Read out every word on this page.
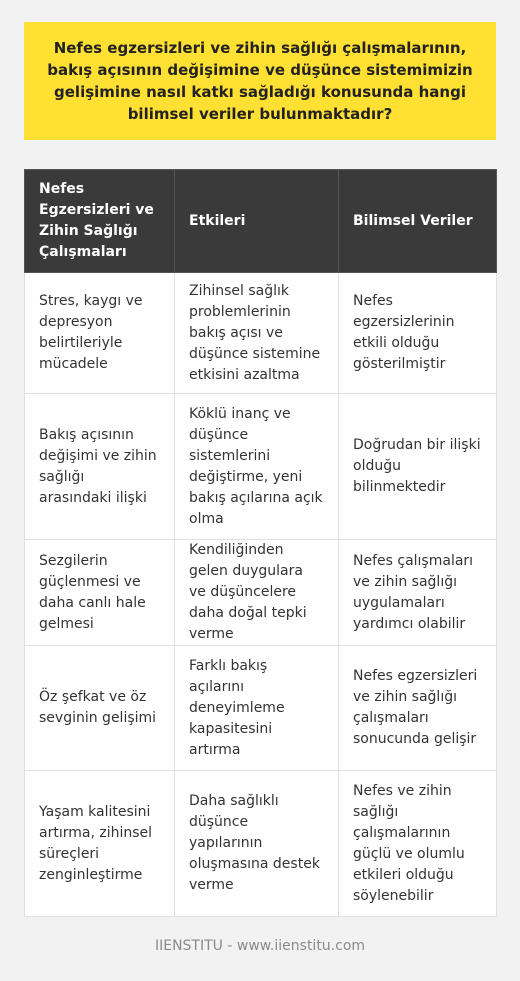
Nefes egzersizleri ve zihin sağlığı çalışmalarının, bakış açısının değişimine ve düşünce sistemimizin gelişimine nasıl katkı sağladığı konusunda hangi bilimsel veriler bulunmaktadır?
Nefes Egzersizleri ve Zihin Sağlığı Çalışmaları	Etkileri	Bilimsel Veriler
Stres, kaygı ve depresyon belirtileriyle mücadele	Zihinsel sağlık problemlerinin bakış açısı ve düşünce sistemine etkisini azaltma	Nefes egzersizlerinin etkili olduğu gösterilmiştir
Bakış açısının değişimi ve zihin sağlığı arasındaki ilişki	Köklü inanç ve düşünce sistemlerini değiştirme, yeni bakış açılarına açık olma	Doğrudan bir ilişki olduğu bilinmektedir
Sezgilerin güçlenmesi ve daha canlı hale gelmesi	Kendiliğinden gelen duygulara ve düşüncelere daha doğal tepki verme	Nefes çalışmaları ve zihin sağlığı uygulamaları yardımcı olabilir
Öz şefkat ve öz sevginin gelişimi	Farklı bakış açılarını deneyimleme kapasitesini artırma	Nefes egzersizleri ve zihin sağlığı çalışmaları sonucunda gelişir
Yaşam kalitesini artırma, zihinsel süreçleri zenginleştirme	Daha sağlıklı düşünce yapılarının oluşmasına destek verme	Nefes ve zihin sağlığı çalışmalarının güçlü ve olumlu etkileri olduğu söylenebilir
IIENSTITU - www.iienstitu.com
